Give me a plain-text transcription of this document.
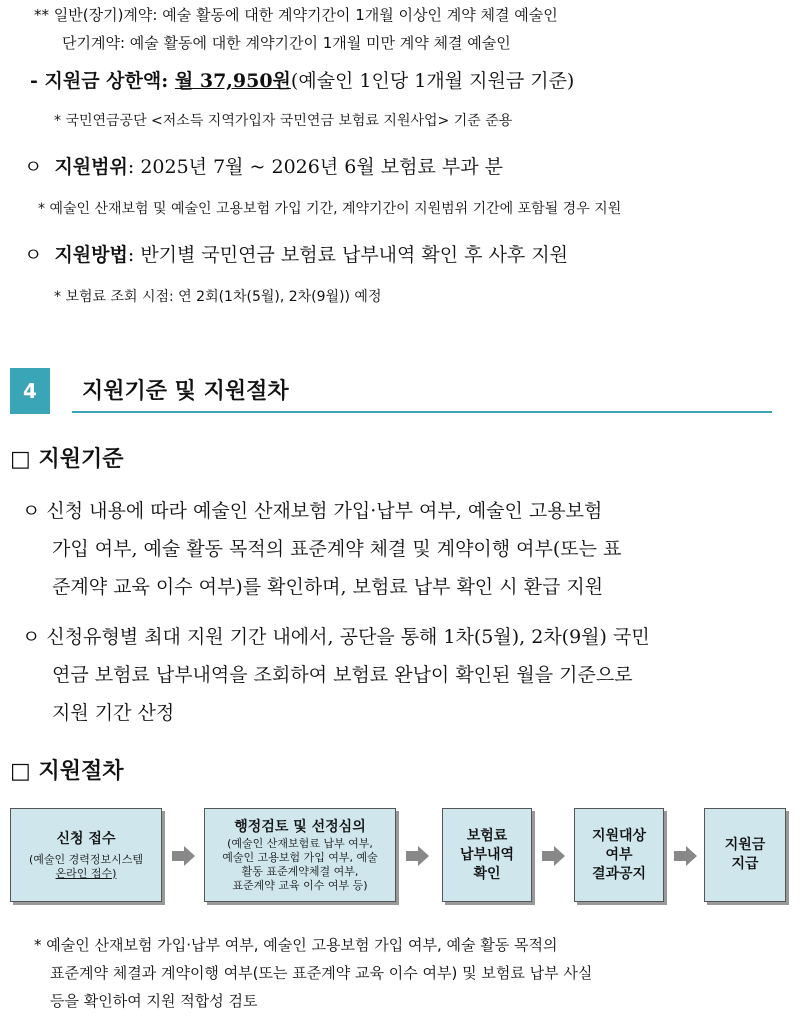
** 일반(장기)계약: 예술 활동에 대한 계약기간이 1개월 이상인 계약 체결 예술인
단기계약: 예술 활동에 대한 계약기간이 1개월 미만 계약 체결 예술인
- 지원금 상한액: 월 37,950원(예술인 1인당 1개월 지원금 기준)
* 국민연금공단 <저소득 지역가입자 국민연금 보험료 지원사업> 기준 준용
ㅇ 지원범위: 2025년 7월 ~ 2026년 6월 보험료 부과 분
* 예술인 산재보험 및 예술인 고용보험 가입 기간, 계약기간이 지원범위 기간에 포함될 경우 지원
ㅇ 지원방법: 반기별 국민연금 보험료 납부내역 확인 후 사후 지원
* 보험료 조회 시점: 연 2회(1차(5월), 2차(9월)) 예정
4	지원기준 및 지원절차
□ 지원기준
ㅇ 신청 내용에 따라 예술인 산재보험 가입·납부 여부, 예술인 고용보험
가입 여부, 예술 활동 목적의 표준계약 체결 및 계약이행 여부(또는 표
준계약 교육 이수 여부)를 확인하며, 보험료 납부 확인 시 환급 지원
ㅇ 신청유형별 최대 지원 기간 내에서, 공단을 통해 1차(5월), 2차(9월) 국민
연금 보험료 납부내역을 조회하여 보험료 완납이 확인된 월을 기준으로
지원 기간 산정
□ 지원절차
신청 접수
(예술인 경력정보시스템
온라인 접수)
행정검토 및 선정심의
(예술인 산재보험료 납부 여부,
예술인 고용보험 가입 여부, 예술
활동 표준계약체결 여부,
표준계약 교육 이수 여부 등)
보험료
납부내역
확인
지원대상
여부
결과공지
지원금
지급
* 예술인 산재보험 가입·납부 여부, 예술인 고용보험 가입 여부, 예술 활동 목적의
표준계약 체결과 계약이행 여부(또는 표준계약 교육 이수 여부) 및 보험료 납부 사실
등을 확인하여 지원 적합성 검토
